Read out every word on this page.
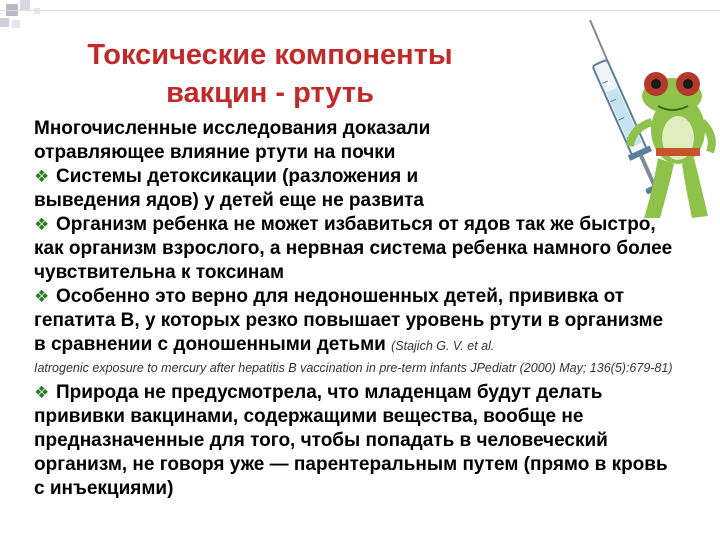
Токсические компоненты
вакцин - ртуть

Многочисленные исследования доказали отравляющее влияние ртути на почки

❖ Системы детоксикации (разложения и выведения ядов) у детей еще не развита

❖ Организм ребенка не может избавиться от ядов так же быстро, как организм взрослого, а нервная система ребенка намного более чувствительна к токсинам

❖ Особенно это верно для недоношенных детей, прививка от гепатита В, у которых резко повышает уровень ртути в организме в сравнении с доношенными детьми (Stajich G. V. et al.

Iatrogenic exposure to mercury after hepatitis B vaccination in pre-term infants JPediatr (2000) May; 136(5):679-81)

❖ Природа не предусмотрела, что младенцам будут делать прививки вакцинами, содержащими вещества, вообще не предназначенные для того, чтобы попадать в человеческий организм, не говоря уже — парентеральным путем (прямо в кровь с инъекциями)
